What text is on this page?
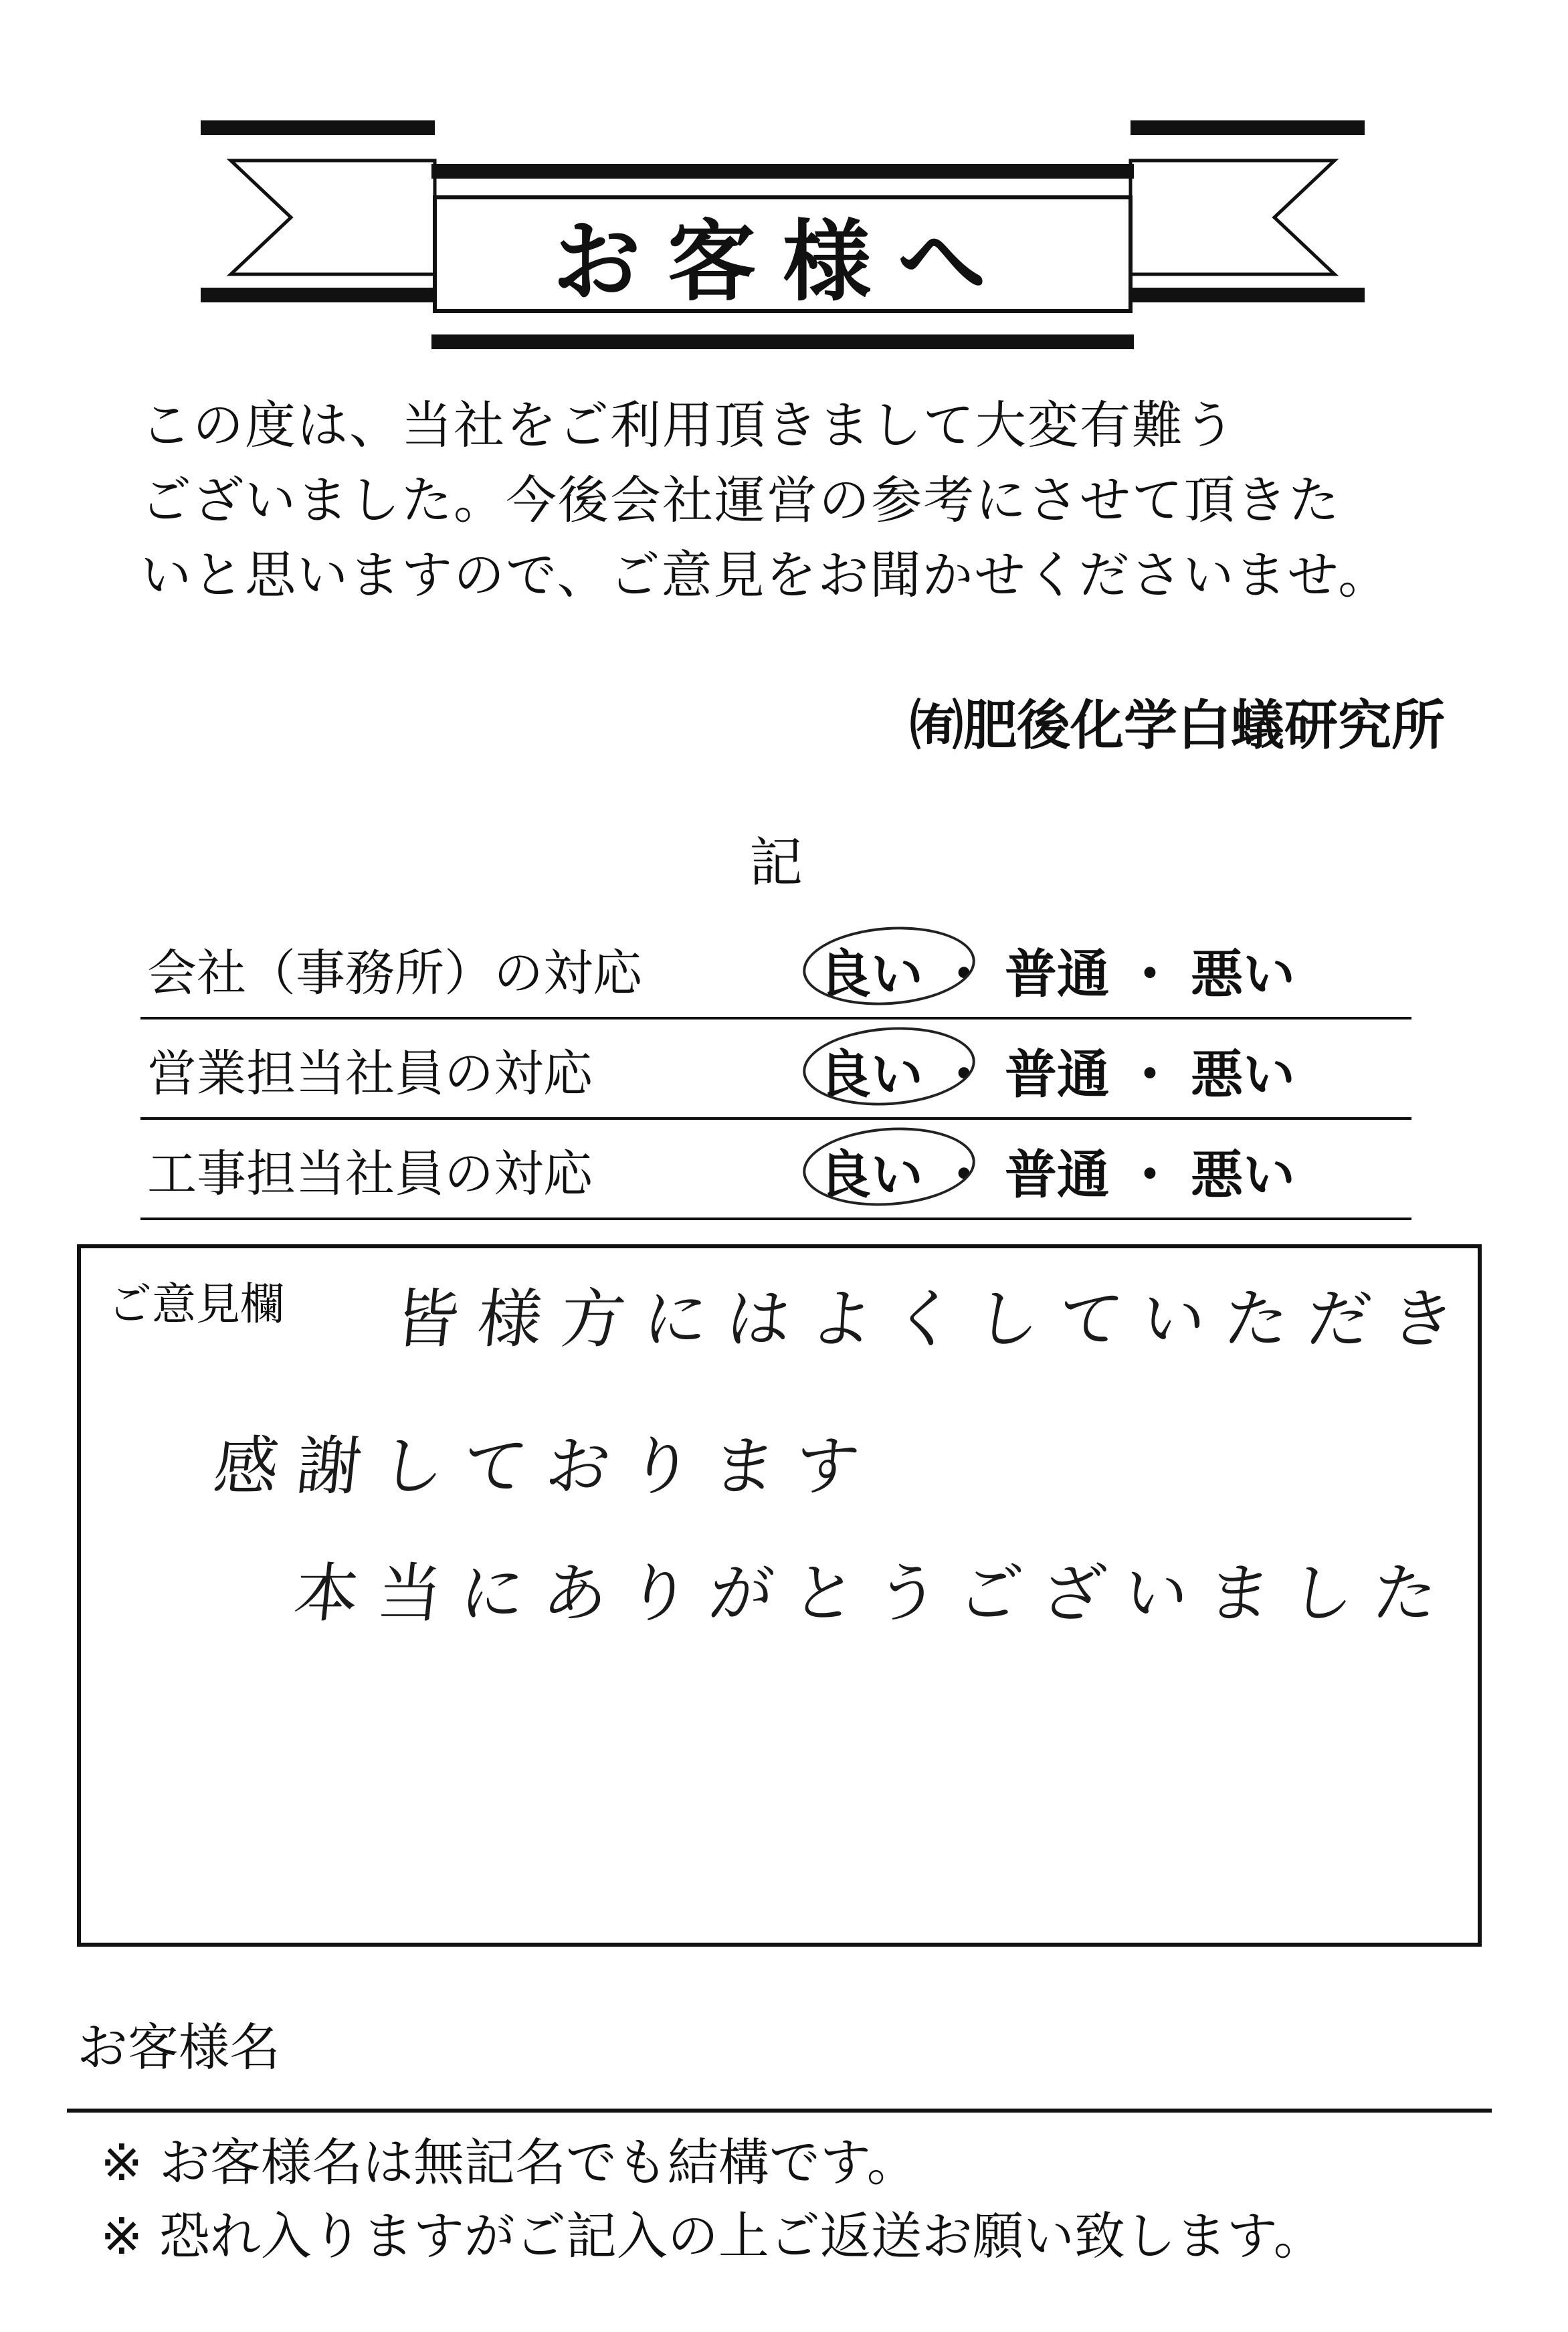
お客様へ
この度は、当社をご利用頂きまして大変有難う
ございました。今後会社運営の参考にさせて頂きた
いと思いますので、ご意見をお聞かせくださいませ。
㈲肥後化学白蟻研究所
記
会社（事務所）の対応	良い ・ 普通 ・ 悪い
営業担当社員の対応	良い ・ 普通 ・ 悪い
工事担当社員の対応	良い ・ 普通 ・ 悪い
ご意見欄 皆様方にはよくしていただき
感謝しております
本当にありがとうございました
お客様名
※ お客様名は無記名でも結構です。
※ 恐れ入りますがご記入の上ご返送お願い致します。
